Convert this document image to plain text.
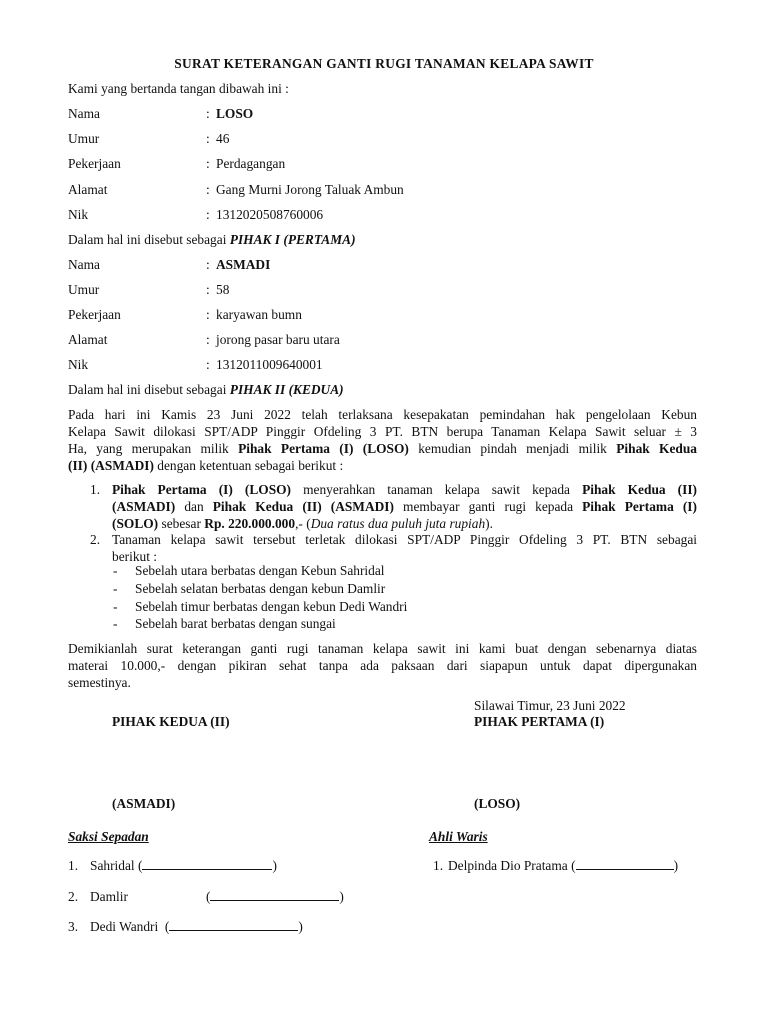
SURAT KETERANGAN GANTI RUGI TANAMAN KELAPA SAWIT
Kami yang bertanda tangan dibawah ini :
Nama	: LOSO
Umur	: 46
Pekerjaan	: Perdagangan
Alamat	: Gang Murni Jorong Taluak Ambun
Nik	: 1312020508760006
Dalam hal ini disebut sebagai PIHAK I (PERTAMA)
Nama	: ASMADI
Umur	: 58
Pekerjaan	: karyawan bumn
Alamat	: jorong pasar baru utara
Nik	: 1312011009640001
Dalam hal ini disebut sebagai PIHAK II (KEDUA)
Pada hari ini Kamis 23 Juni 2022 telah terlaksana kesepakatan pemindahan hak pengelolaan Kebun
Kelapa Sawit dilokasi SPT/ADP Pinggir Ofdeling 3 PT. BTN berupa Tanaman Kelapa Sawit seluar ± 3
Ha, yang merupakan milik Pihak Pertama (I) (LOSO) kemudian pindah menjadi milik Pihak Kedua
(II) (ASMADI) dengan ketentuan sebagai berikut :
1. Pihak Pertama (I) (LOSO) menyerahkan tanaman kelapa sawit kepada Pihak Kedua (II)
(ASMADI) dan Pihak Kedua (II) (ASMADI) membayar ganti rugi kepada Pihak Pertama (I)
(SOLO) sebesar Rp. 220.000.000,- (Dua ratus dua puluh juta rupiah).
2. Tanaman kelapa sawit tersebut terletak dilokasi SPT/ADP Pinggir Ofdeling 3 PT. BTN sebagai
berikut :
- Sebelah utara berbatas dengan Kebun Sahridal
- Sebelah selatan berbatas dengan kebun Damlir
- Sebelah timur berbatas dengan kebun Dedi Wandri
- Sebelah barat berbatas dengan sungai
Demikianlah surat keterangan ganti rugi tanaman kelapa sawit ini kami buat dengan sebenarnya diatas
materai 10.000,- dengan pikiran sehat tanpa ada paksaan dari siapapun untuk dapat dipergunakan
semestinya.
Silawai Timur, 23 Juni 2022
PIHAK KEDUA (II)	PIHAK PERTAMA (I)
(ASMADI)	(LOSO)
Saksi Sepadan	Ahli Waris
1. Sahridal (	)
2. Damlir	(	)
3. Dedi Wandri (	)
1. Delpinda Dio Pratama (	)
